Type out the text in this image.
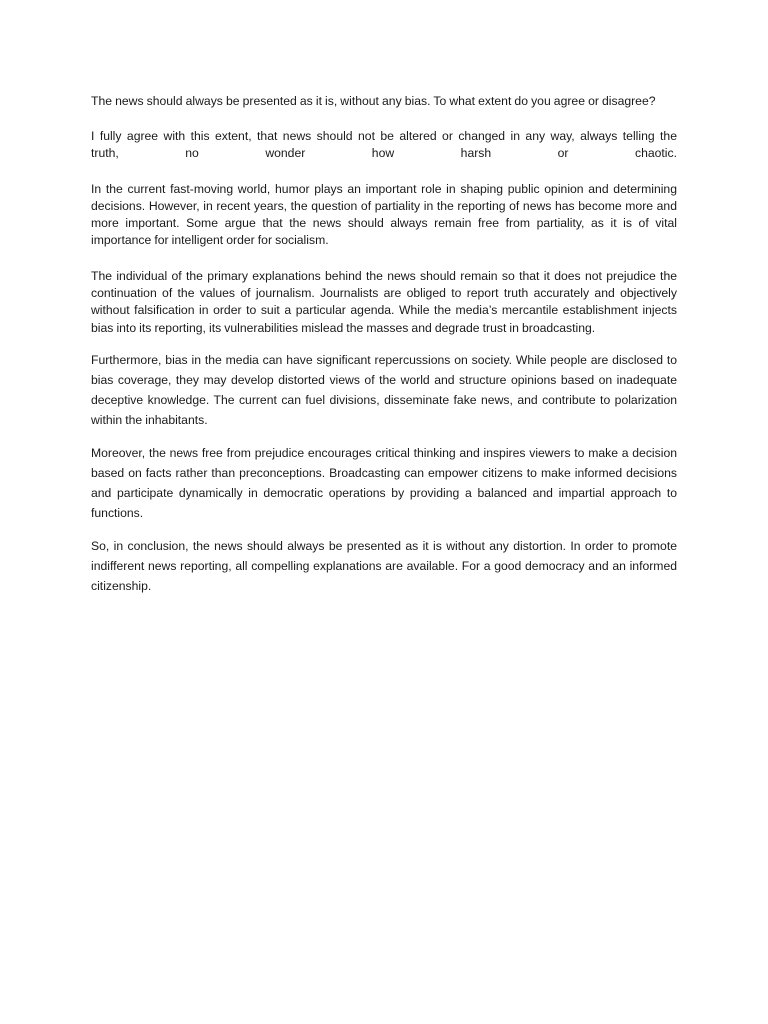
The news should always be presented as it is, without any bias. To what extent do you agree or disagree?

I fully agree with this extent, that news should not be altered or changed in any way, always telling the
truth, no wonder how harsh or chaotic.

In the current fast-moving world, humor plays an important role in shaping public opinion and determining decisions. However, in recent years, the question of partiality in the reporting of news has become more and more important. Some argue that the news should always remain free from partiality, as it is of vital importance for intelligent order for socialism.

The individual of the primary explanations behind the news should remain so that it does not prejudice the continuation of the values of journalism. Journalists are obliged to report truth accurately and objectively without falsification in order to suit a particular agenda. While the media’s mercantile establishment injects bias into its reporting, its vulnerabilities mislead the masses and degrade trust in broadcasting.

Furthermore, bias in the media can have significant repercussions on society. While people are disclosed to bias coverage, they may develop distorted views of the world and structure opinions based on inadequate deceptive knowledge. The current can fuel divisions, disseminate fake news, and contribute to polarization within the inhabitants.

Moreover, the news free from prejudice encourages critical thinking and inspires viewers to make a decision based on facts rather than preconceptions. Broadcasting can empower citizens to make informed decisions and participate dynamically in democratic operations by providing a balanced and impartial approach to functions.

So, in conclusion, the news should always be presented as it is without any distortion. In order to promote indifferent news reporting, all compelling explanations are available. For a good democracy and an informed citizenship.
